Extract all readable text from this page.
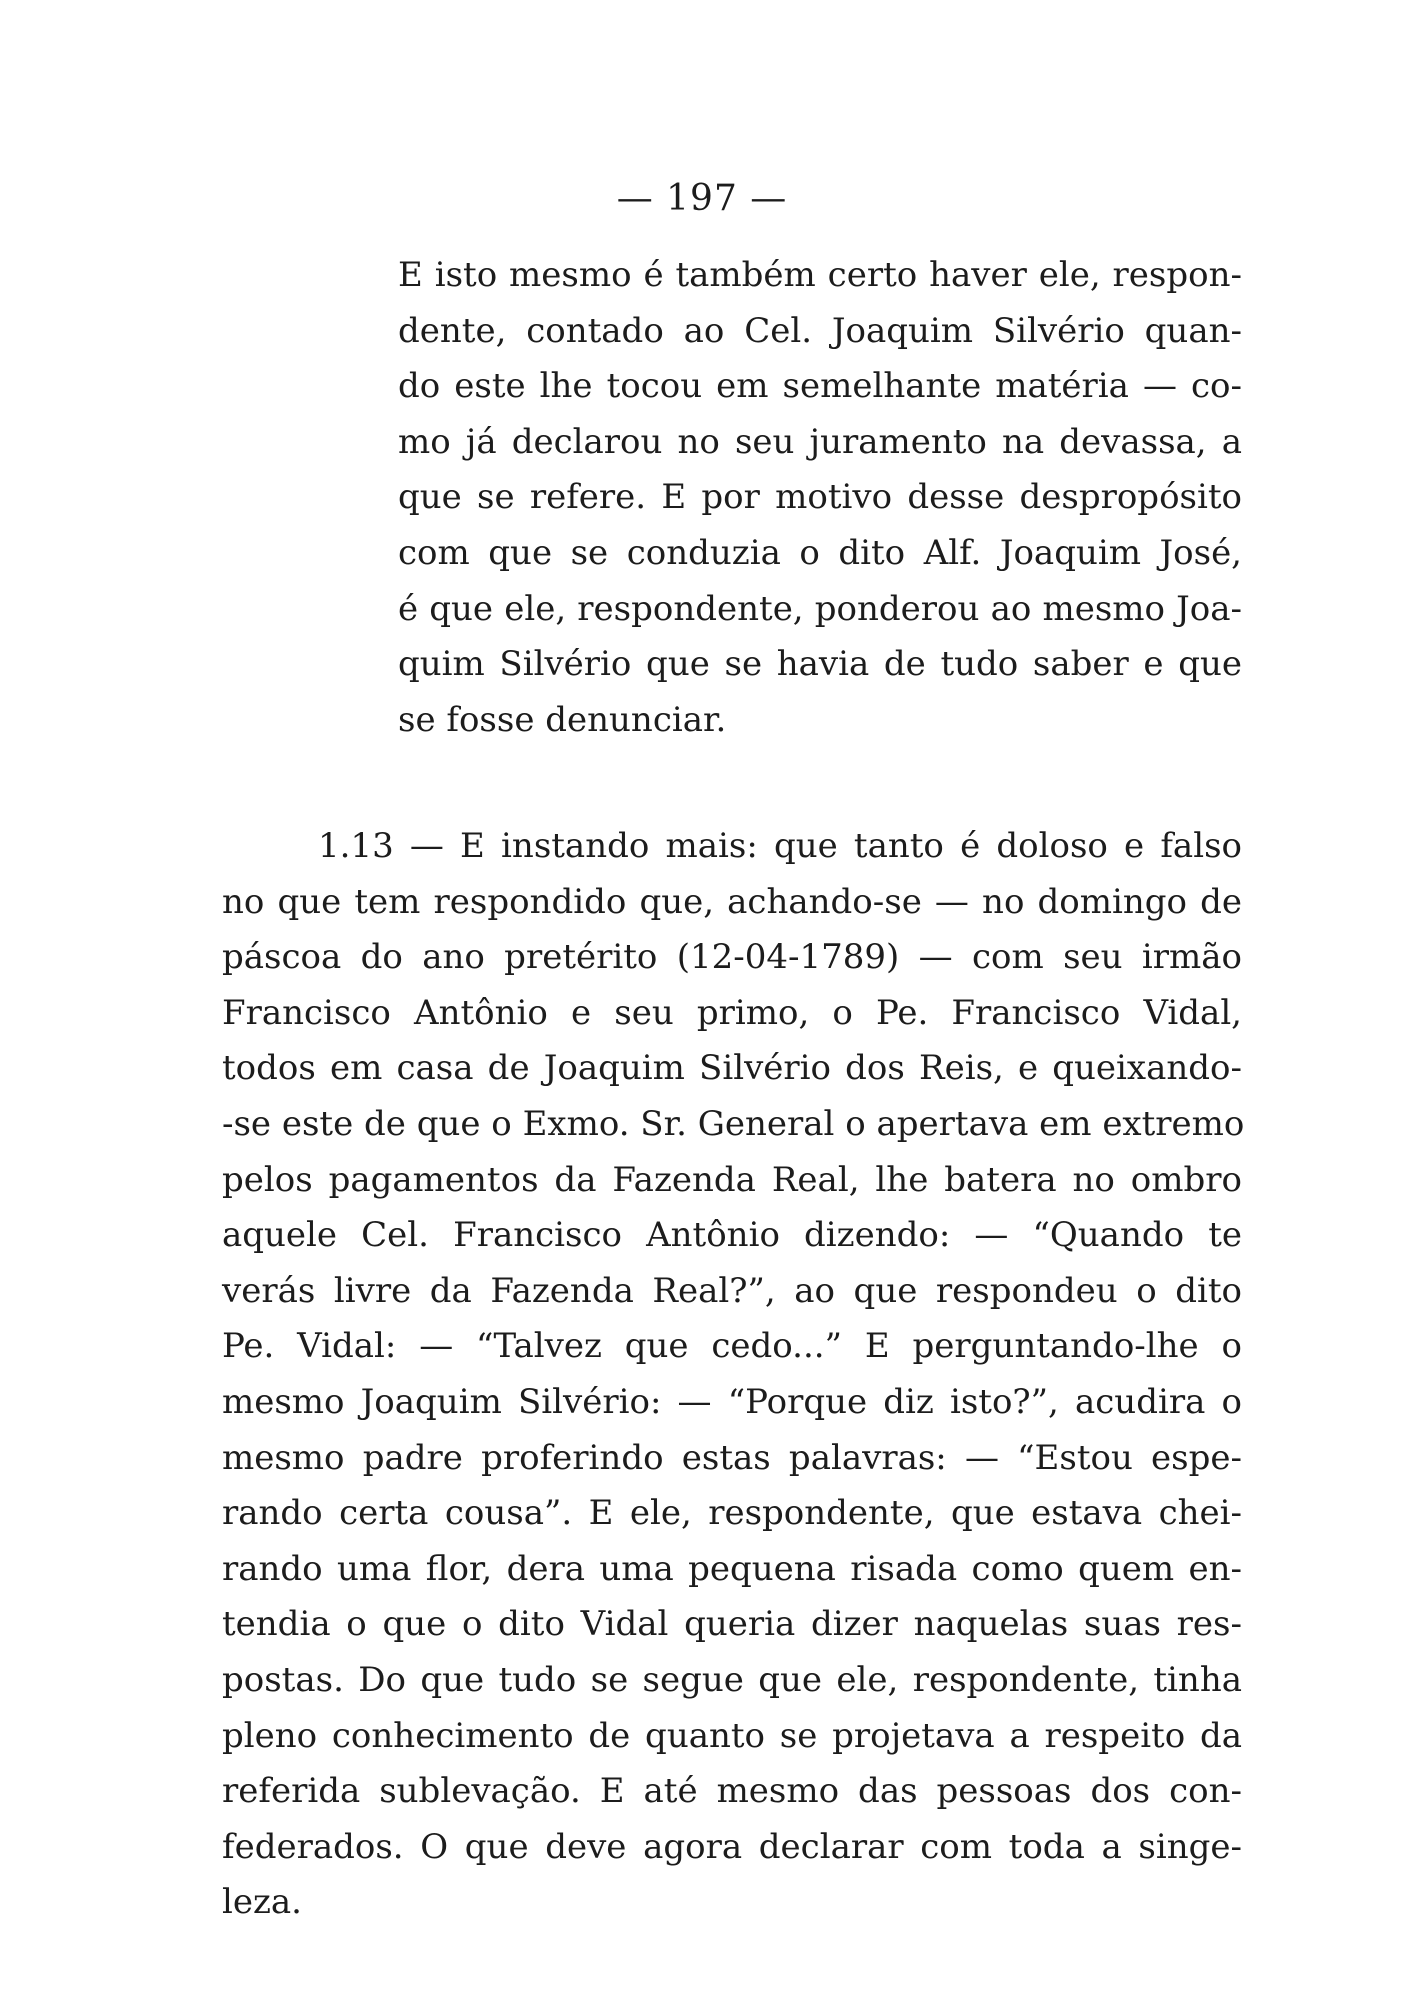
— 197 —
E isto mesmo é também certo haver ele, respon-
dente, contado ao Cel. Joaquim Silvério quan-
do este lhe tocou em semelhante matéria — co-
mo já declarou no seu juramento na devassa, a
que se refere. E por motivo desse despropósito
com que se conduzia o dito Alf. Joaquim José,
é que ele, respondente, ponderou ao mesmo Joa-
quim Silvério que se havia de tudo saber e que
se fosse denunciar.
1.13 — E instando mais: que tanto é doloso e falso
no que tem respondido que, achando-se — no domingo de
páscoa do ano pretérito (12-04-1789) — com seu irmão
Francisco Antônio e seu primo, o Pe. Francisco Vidal,
todos em casa de Joaquim Silvério dos Reis, e queixando-
-se este de que o Exmo. Sr. General o apertava em extremo
pelos pagamentos da Fazenda Real, lhe batera no ombro
aquele Cel. Francisco Antônio dizendo: — “Quando te
verás livre da Fazenda Real?”, ao que respondeu o dito
Pe. Vidal: — “Talvez que cedo...” E perguntando-lhe o
mesmo Joaquim Silvério: — “Porque diz isto?”, acudira o
mesmo padre proferindo estas palavras: — “Estou espe-
rando certa cousa”. E ele, respondente, que estava chei-
rando uma flor, dera uma pequena risada como quem en-
tendia o que o dito Vidal queria dizer naquelas suas res-
postas. Do que tudo se segue que ele, respondente, tinha
pleno conhecimento de quanto se projetava a respeito da
referida sublevação. E até mesmo das pessoas dos con-
federados. O que deve agora declarar com toda a singe-
leza.
